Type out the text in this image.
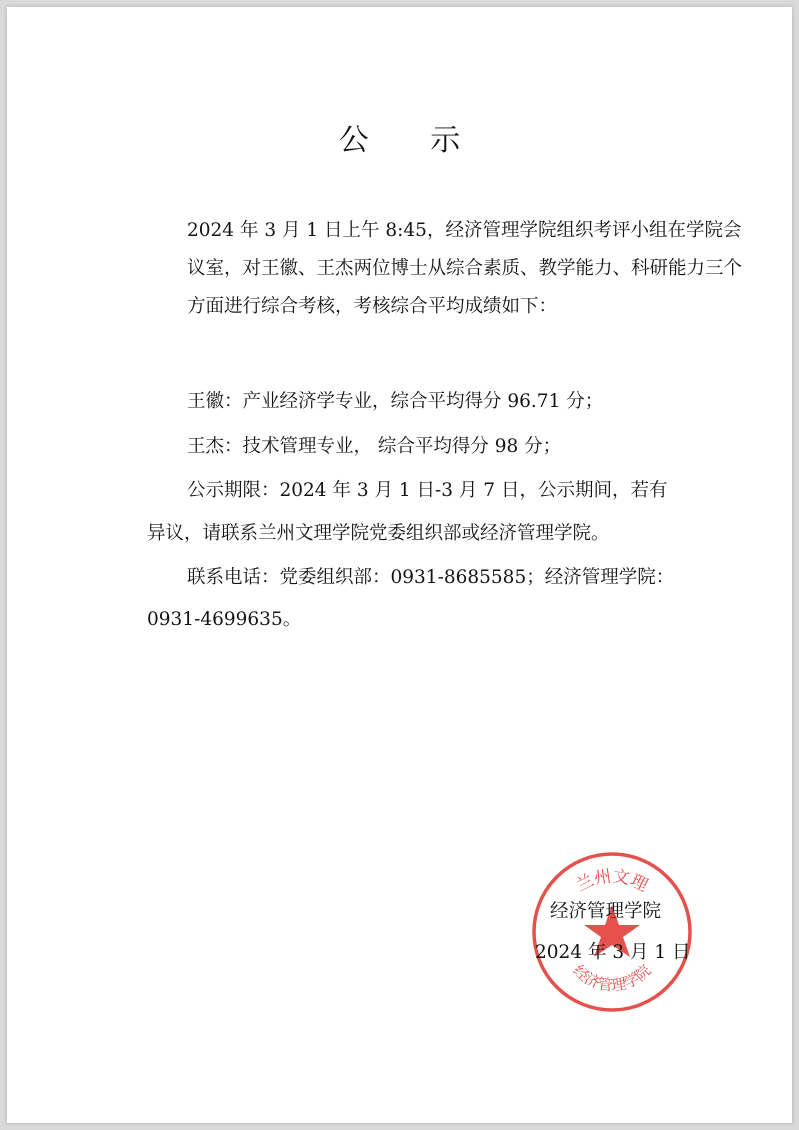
公 示
2024 年 3 月 1 日上午 8:45，经济管理学院组织考评小组在学院会议室，对王徽、王杰两位博士从综合素质、教学能力、科研能力三个方面进行综合考核，考核综合平均成绩如下：
王徽：产业经济学专业，综合平均得分 96.71 分；
王杰：技术管理专业， 综合平均得分 98 分；
公示期限：2024 年 3 月 1 日-3 月 7 日，公示期间，若有
异议，请联系兰州文理学院党委组织部或经济管理学院。
联系电话：党委组织部：0931-8685585；经济管理学院：
0931-4699635。
兰州文理
经济管理学院
经济管理学院
2024 年 3 月 1 日
